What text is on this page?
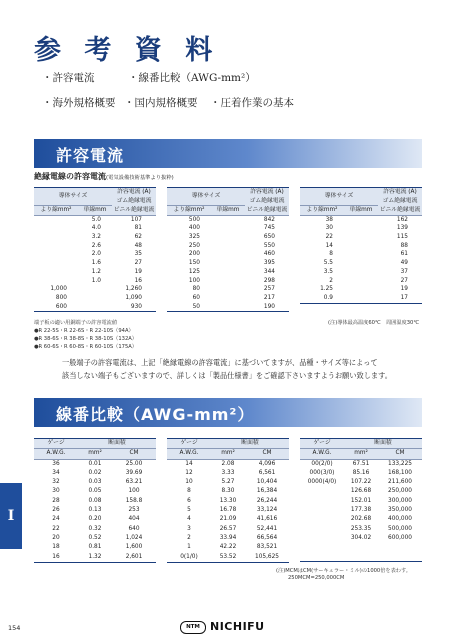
参 考 資 料
・許容電流	・線番比較（AWG-mm²）
・海外規格概要 ・国内規格概要 ・圧着作業の基本
許容電流
絶縁電線の許容電流(電気設備技術基準より抜粋)
導体サイズ		許容電流 (A)
		ゴム絶縁電流
より線mm²	単線mm	ビニル絶縁電流
	5.0	107
	4.0	81
	3.2	62
	2.6	48
	2.0	35
	1.6	27
	1.2	19
	1.0	16
1,000		1,260
800		1,090
600		930
導体サイズ		許容電流 (A)
		ゴム絶縁電流
より線mm²	単線mm	ビニル絶縁電流
500		842
400		745
325		650
250		550
200		460
150		395
125		344
100		298
80		257
60		217
50		190
導体サイズ		許容電流 (A)
		ゴム絶縁電流
より線mm²	単線mm	ビニル絶縁電流
38		162
30		139
22		115
14		88
8		61
5.5		49
3.5		37
2		27
1.25		19
0.9		17
端子板の適い用銅端子の許容電流値
●R 22-5S・R 22-6S・R 22-10S（94A）
●R 38-6S・R 38-8S・R 38-10S（132A）
●R 60-6S・R 60-8S・R 60-10S（175A）
(注)導体最高温度60℃　周囲温度30℃
一般端子の許容電流は、上記「絶縁電線の許容電流」に基づいてますが、品種・サイズ等によって
該当しない端子もございますので、詳しくは「製品仕様書」をご確認下さいますようお願い致します。
線番比較（AWG-mm²）
ゲージ	断面積	
A.W.G.	mm²	CM
36	0.01	25.00
34	0.02	39.69
32	0.03	63.21
30	0.05	100
28	0.08	158.8
26	0.13	253
24	0.20	404
22	0.32	640
20	0.52	1,024
18	0.81	1,600
16	1.32	2,601
ゲージ	断面積	
A.W.G.	mm²	CM
14	2.08	4,096
12	3.33	6,561
10	5.27	10,404
8	8.30	16,384
6	13.30	26,244
5	16.78	33,124
4	21.09	41,616
3	26.57	52,441
2	33.94	66,564
1	42.22	83,521
0(1/0)	53.52	105,625
ゲージ	断面積	
A.W.G.	mm²	CM
00(2/0)	67.51	133,225
000(3/0)	85.16	168,100
0000(4/0)	107.22	211,600
	126.68	250,000
	152.01	300,000
	177.38	350,000
	202.68	400,000
	253.35	500,000
	304.02	600,000

(注)MCMはCM(サーキュラー・ミル)の1000倍を表わす。
250MCM=250,000CM
I
154	NTM NICHIFU
